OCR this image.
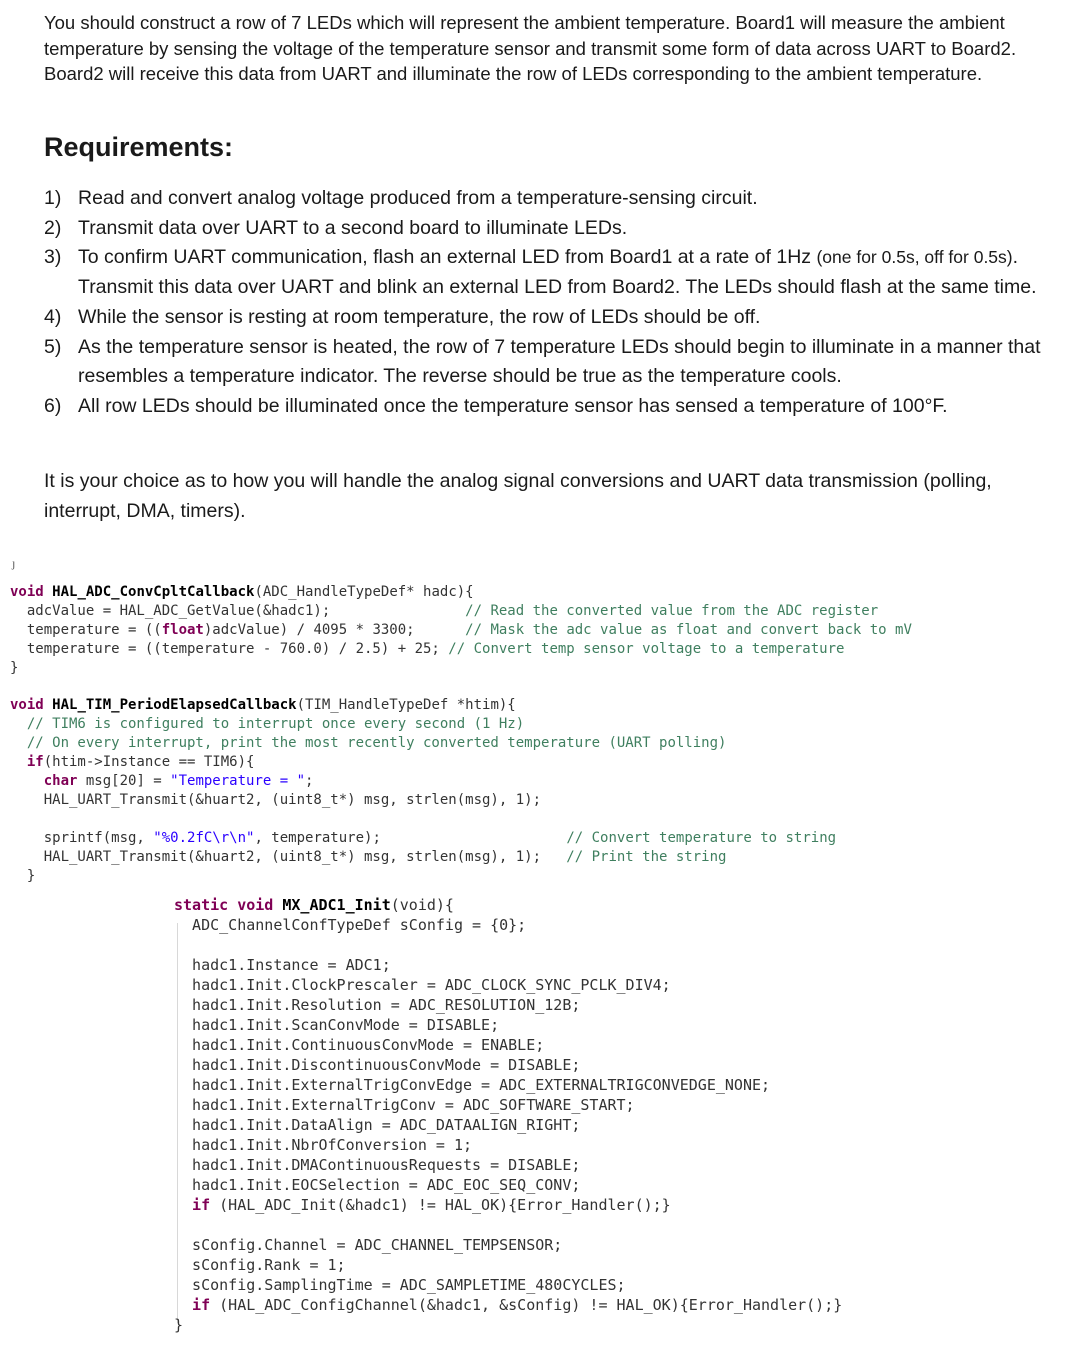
You should construct a row of 7 LEDs which will represent the ambient temperature. Board1 will measure the ambient temperature by sensing the voltage of the temperature sensor and transmit some form of data across UART to Board2. Board2 will receive this data from UART and illuminate the row of LEDs corresponding to the ambient temperature.

Requirements:
1) Read and convert analog voltage produced from a temperature-sensing circuit.
2) Transmit data over UART to a second board to illuminate LEDs.
3) To confirm UART communication, flash an external LED from Board1 at a rate of 1Hz (one for 0.5s, off for 0.5s). Transmit this data over UART and blink an external LED from Board2. The LEDs should flash at the same time.
4) While the sensor is resting at room temperature, the row of LEDs should be off.
5) As the temperature sensor is heated, the row of 7 temperature LEDs should begin to illuminate in a manner that resembles a temperature indicator. The reverse should be true as the temperature cools.
6) All row LEDs should be illuminated once the temperature sensor has sensed a temperature of 100°F.

It is your choice as to how you will handle the analog signal conversions and UART data transmission (polling, interrupt, DMA, timers).

ȷ
void HAL_ADC_ConvCpltCallback(ADC_HandleTypeDef* hadc){
adcValue = HAL_ADC_GetValue(&hadc1);                // Read the converted value from the ADC register
temperature = ((float)adcValue) / 4095 * 3300;      // Mask the adc value as float and convert back to mV
temperature = ((temperature - 760.0) / 2.5) + 25; // Convert temp sensor voltage to a temperature
}

void HAL_TIM_PeriodElapsedCallback(TIM_HandleTypeDef *htim){
// TIM6 is configured to interrupt once every second (1 Hz)
// On every interrupt, print the most recently converted temperature (UART polling)
if(htim->Instance == TIM6){
char msg[20] = "Temperature = ";
HAL_UART_Transmit(&huart2, (uint8_t*) msg, strlen(msg), 1);

sprintf(msg, "%0.2fC\r\n", temperature);                      // Convert temperature to string
HAL_UART_Transmit(&huart2, (uint8_t*) msg, strlen(msg), 1);   // Print the string
}
static void MX_ADC1_Init(void){
ADC_ChannelConfTypeDef sConfig = {0};

hadc1.Instance = ADC1;
hadc1.Init.ClockPrescaler = ADC_CLOCK_SYNC_PCLK_DIV4;
hadc1.Init.Resolution = ADC_RESOLUTION_12B;
hadc1.Init.ScanConvMode = DISABLE;
hadc1.Init.ContinuousConvMode = ENABLE;
hadc1.Init.DiscontinuousConvMode = DISABLE;
hadc1.Init.ExternalTrigConvEdge = ADC_EXTERNALTRIGCONVEDGE_NONE;
hadc1.Init.ExternalTrigConv = ADC_SOFTWARE_START;
hadc1.Init.DataAlign = ADC_DATAALIGN_RIGHT;
hadc1.Init.NbrOfConversion = 1;
hadc1.Init.DMAContinuousRequests = DISABLE;
hadc1.Init.EOCSelection = ADC_EOC_SEQ_CONV;
if (HAL_ADC_Init(&hadc1) != HAL_OK){Error_Handler();}

sConfig.Channel = ADC_CHANNEL_TEMPSENSOR;
sConfig.Rank = 1;
sConfig.SamplingTime = ADC_SAMPLETIME_480CYCLES;
if (HAL_ADC_ConfigChannel(&hadc1, &sConfig) != HAL_OK){Error_Handler();}
}
